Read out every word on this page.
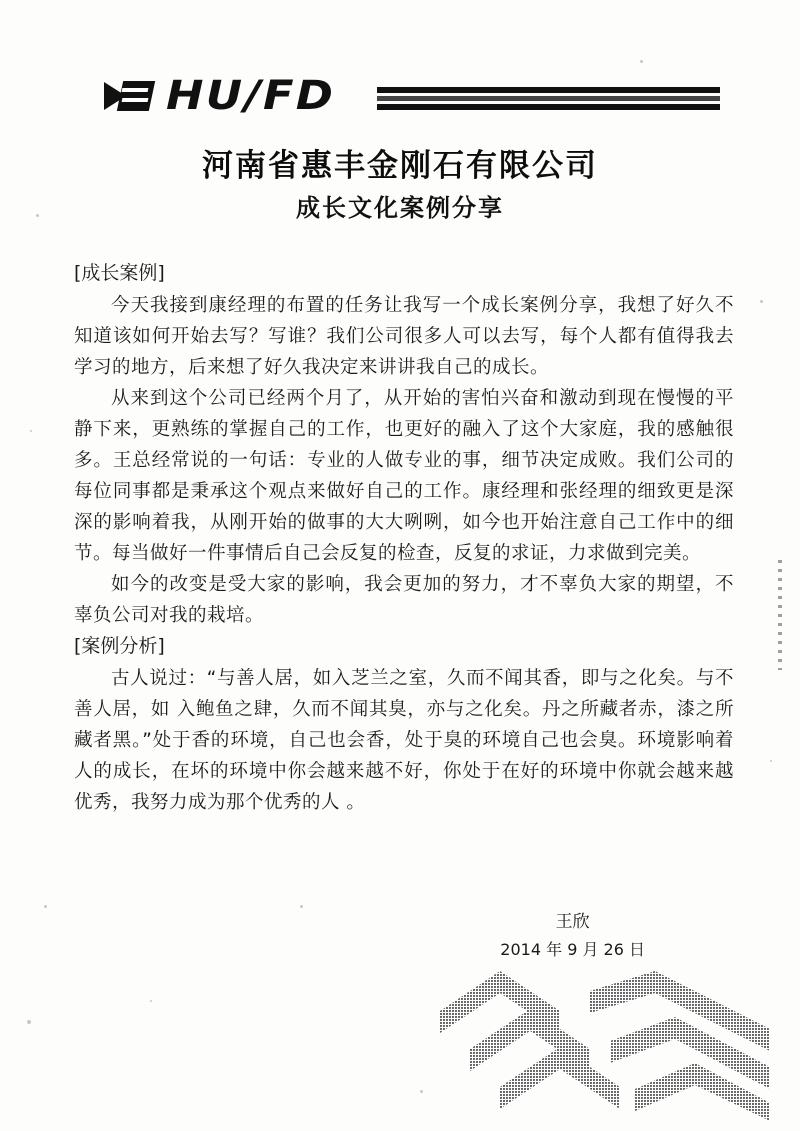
HU/FD
河南省惠丰金刚石有限公司
成长文化案例分享
[成长案例]

今天我接到康经理的布置的任务让我写一个成长案例分享，我想了好久不知道该如何开始去写？写谁？我们公司很多人可以去写，每个人都有值得我去学习的地方，后来想了好久我决定来讲讲我自己的成长。

从来到这个公司已经两个月了，从开始的害怕兴奋和激动到现在慢慢的平静下来，更熟练的掌握自己的工作，也更好的融入了这个大家庭，我的感触很多。王总经常说的一句话：专业的人做专业的事，细节决定成败。我们公司的每位同事都是秉承这个观点来做好自己的工作。康经理和张经理的细致更是深深的影响着我，从刚开始的做事的大大咧咧，如今也开始注意自己工作中的细节。每当做好一件事情后自己会反复的检查，反复的求证，力求做到完美。

如今的改变是受大家的影响，我会更加的努力，才不辜负大家的期望，不辜负公司对我的栽培。

[案例分析]

古人说过：“与善人居，如入芝兰之室，久而不闻其香，即与之化矣。与不善人居，如 入鲍鱼之肆，久而不闻其臭，亦与之化矣。丹之所藏者赤，漆之所藏者黑。”处于香的环境，自己也会香，处于臭的环境自己也会臭。环境影响着人的成长，在坏的环境中你会越来越不好，你处于在好的环境中你就会越来越优秀，我努力成为那个优秀的人 。

王欣
2014 年 9 月 26 日
